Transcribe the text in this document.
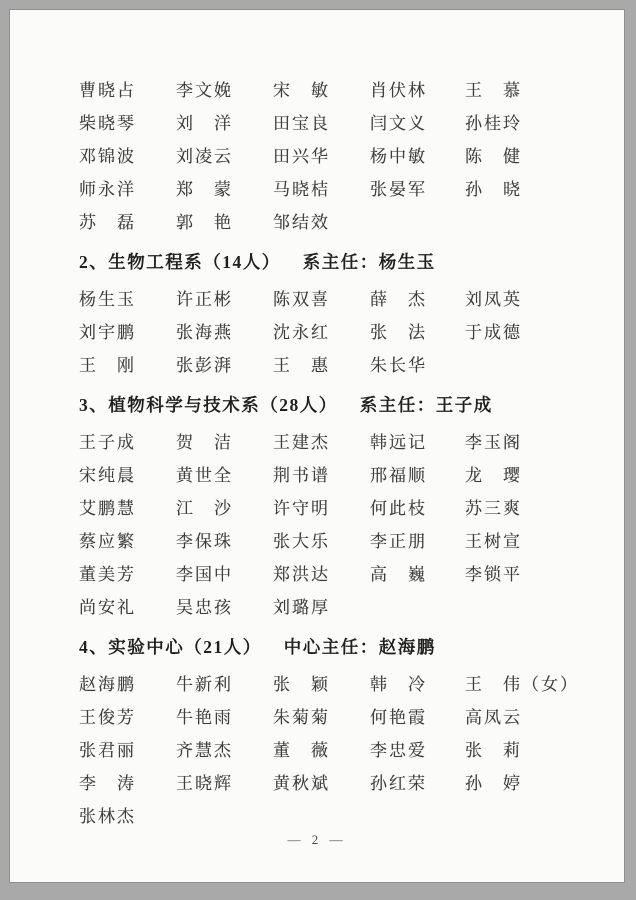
曹晓占	李文娩	宋　敏	肖伏林	王　慕
柴晓琴	刘　洋	田宝良	闫文义	孙桂玲
邓锦波	刘凌云	田兴华	杨中敏	陈　健
师永洋	郑　蒙	马晓桔	张晏军	孙　晓
苏　磊	郭　艳	邹结效
2、生物工程系（14人） 系主任：杨生玉
杨生玉	许正彬	陈双喜	薛　杰	刘凤英
刘宇鹏	张海燕	沈永红	张　法	于成德
王　刚	张彭湃	王　惠	朱长华
3、植物科学与技术系（28人） 系主任：王子成
王子成	贺　洁	王建杰	韩远记	李玉阁
宋纯晨	黄世全	荆书谱	邢福顺	龙　璎
艾鹏慧	江　沙	许守明	何此枝	苏三爽
蔡应繁	李保珠	张大乐	李正朋	王树宣
董美芳	李国中	郑洪达	高　巍	李锁平
尚安礼	吴忠孩	刘璐厚
4、实验中心（21人） 中心主任：赵海鹏
赵海鹏	牛新利	张　颖	韩　冷	王　伟（女）
王俊芳	牛艳雨	朱菊菊	何艳霞	高凤云
张君丽	齐慧杰	董　薇	李忠爱	张　莉
李　涛	王晓辉	黄秋斌	孙红荣	孙　婷
张林杰
— 2 —
